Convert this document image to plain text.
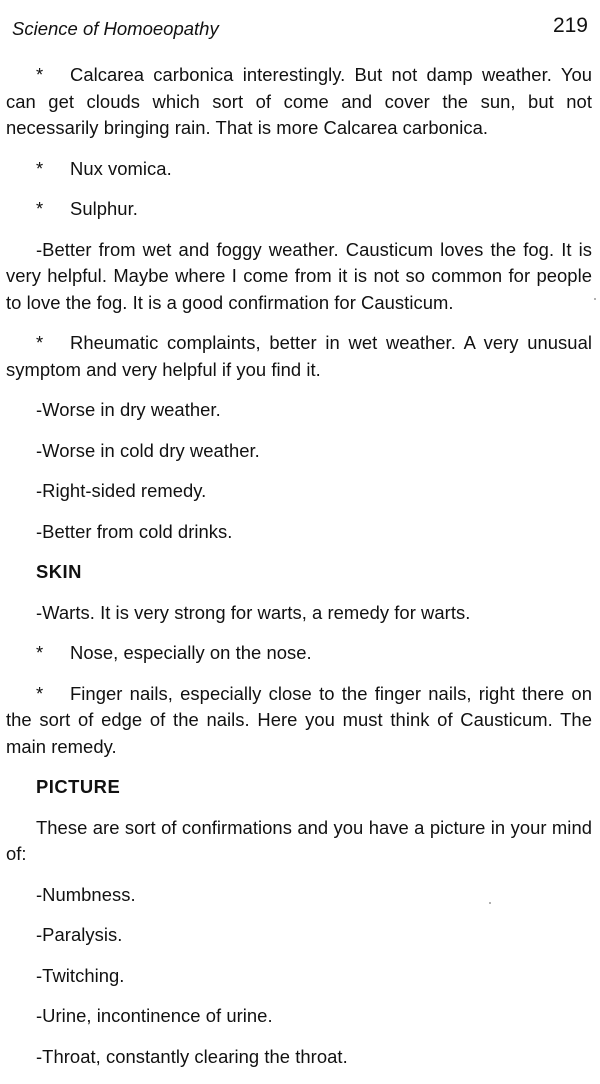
Science of Homoeopathy	219

* Calcarea carbonica interestingly. But not damp weather. You can get clouds which sort of come and cover the sun, but not necessarily bringing rain. That is more Calcarea carbonica.

* Nux vomica.

* Sulphur.

-Better from wet and foggy weather. Causticum loves the fog. It is very helpful. Maybe where I come from it is not so common for people to love the fog. It is a good confirmation for Causticum.

* Rheumatic complaints, better in wet weather. A very unusual symptom and very helpful if you find it.

-Worse in dry weather.

-Worse in cold dry weather.

-Right-sided remedy.

-Better from cold drinks.

SKIN

-Warts. It is very strong for warts, a remedy for warts.

* Nose, especially on the nose.

* Finger nails, especially close to the finger nails, right there on the sort of edge of the nails. Here you must think of Causticum. The main remedy.

PICTURE

These are sort of confirmations and you have a picture in your mind of:

-Numbness.

-Paralysis.

-Twitching.

-Urine, incontinence of urine.

-Throat, constantly clearing the throat.
